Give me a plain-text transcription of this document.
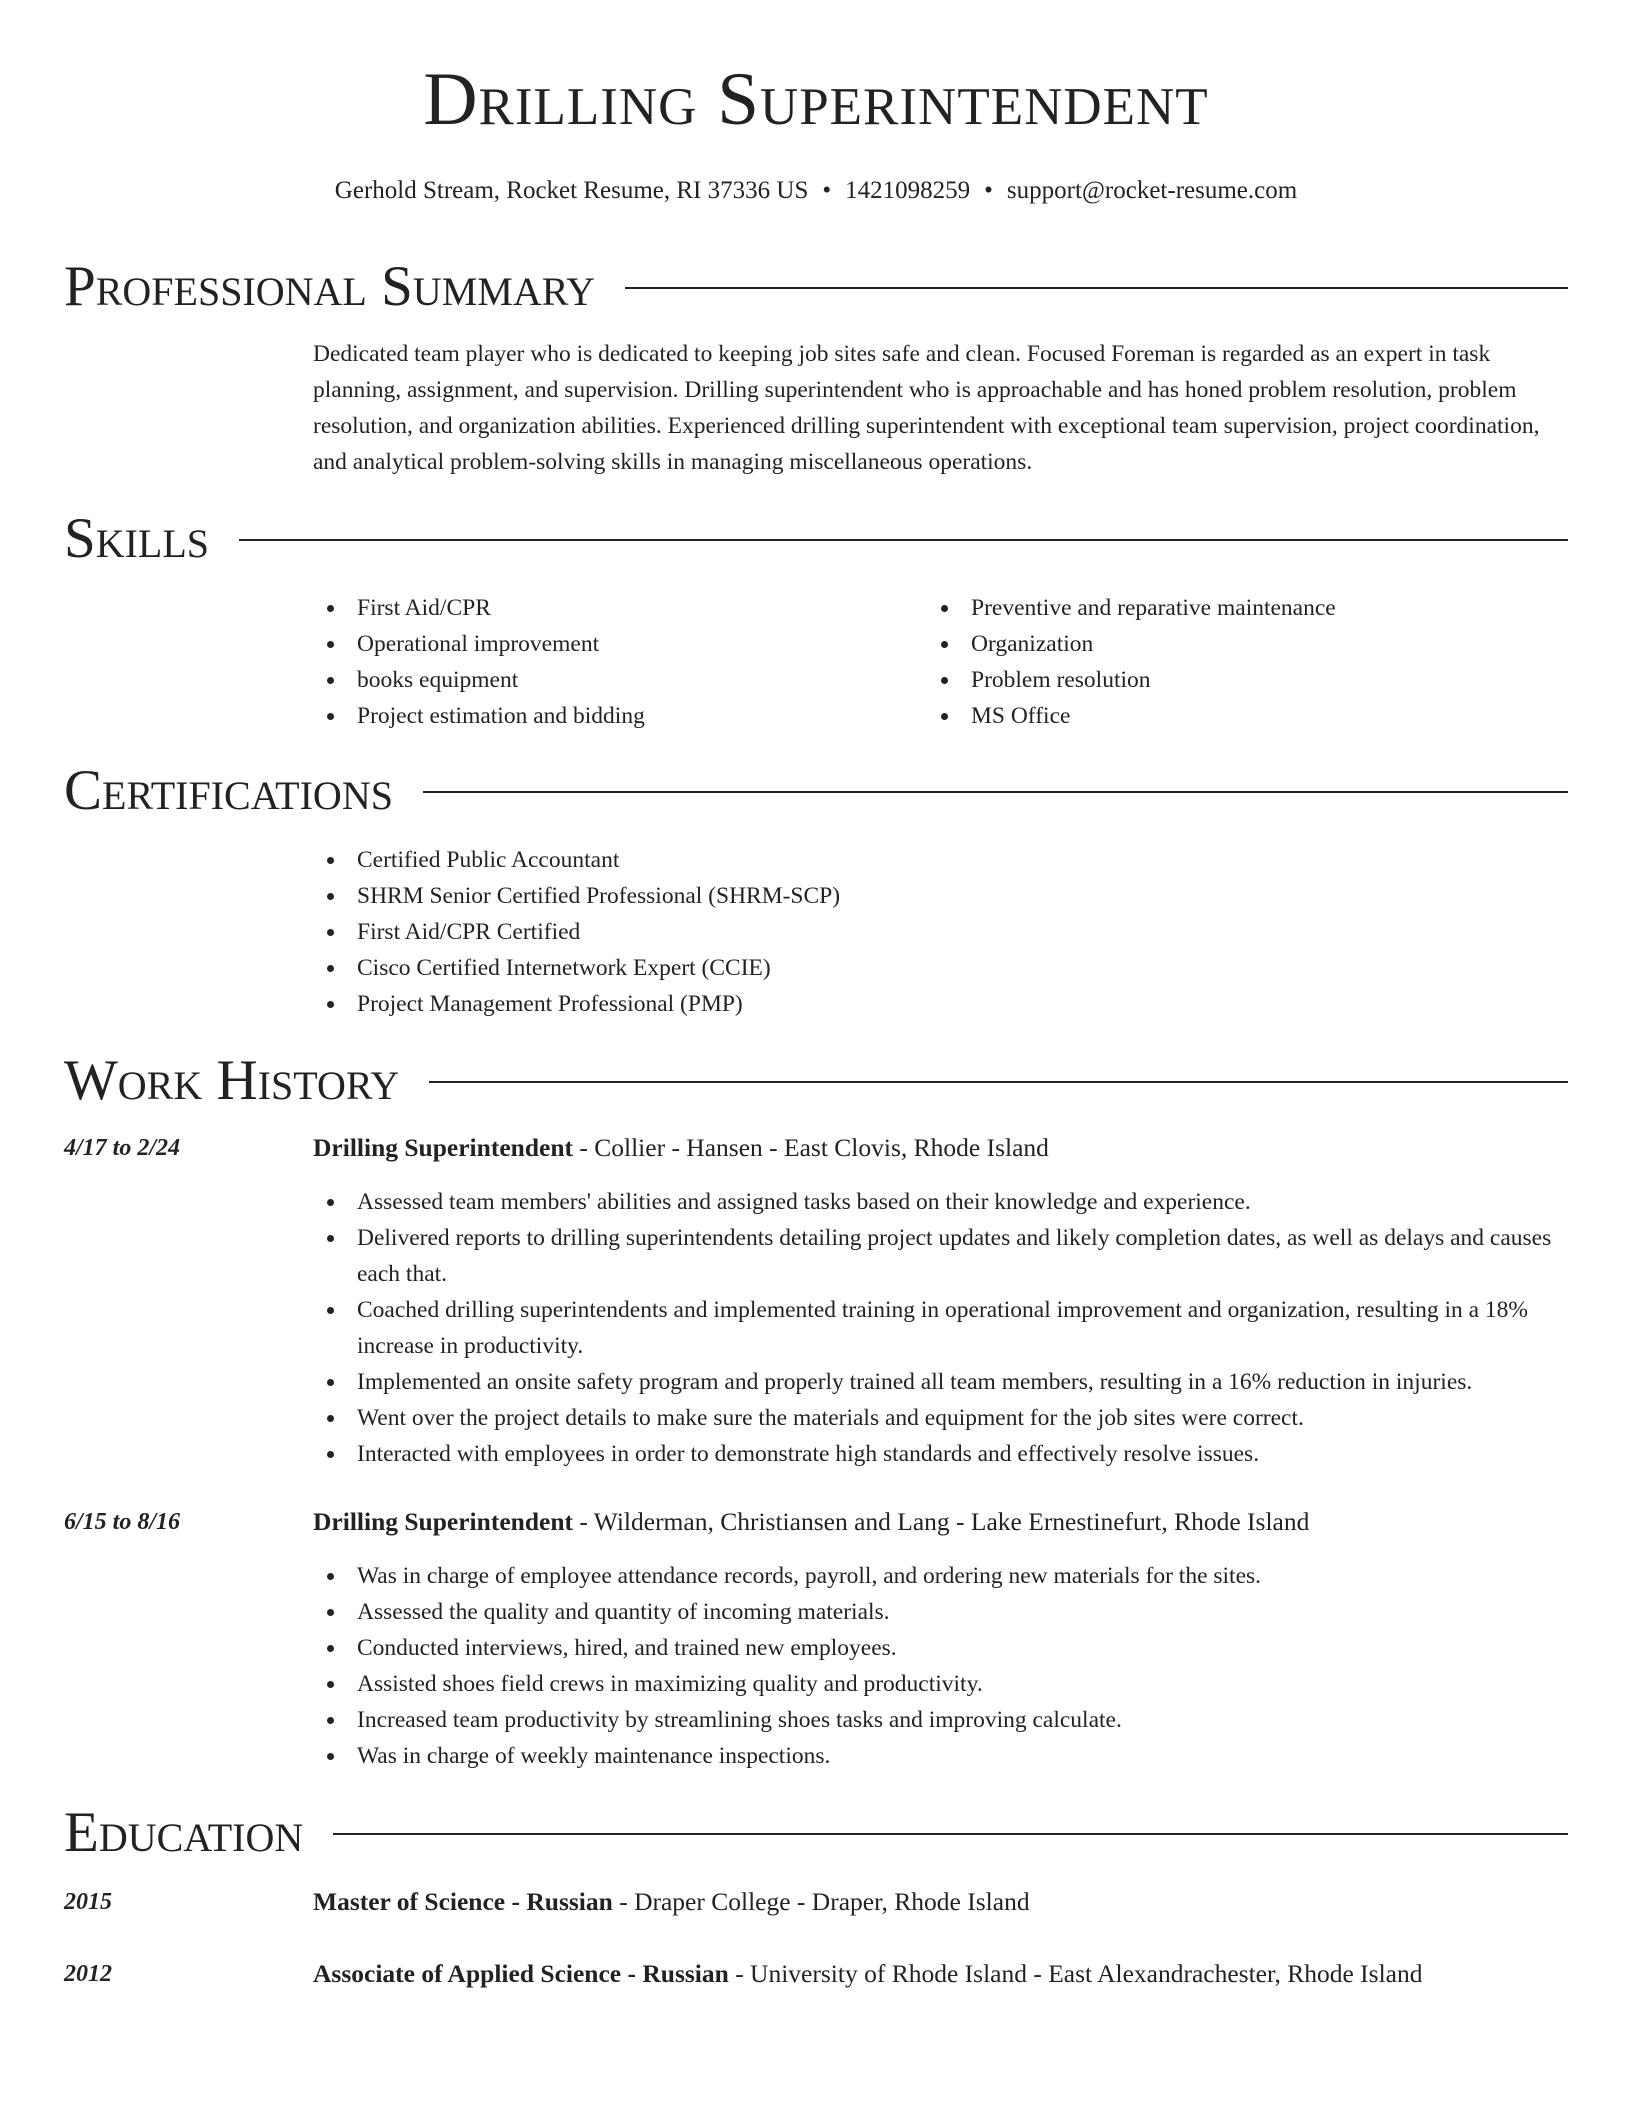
Drilling Superintendent
Gerhold Stream, Rocket Resume, RI 37336 US • 1421098259 • support@rocket-resume.com
Professional Summary

Dedicated team player who is dedicated to keeping job sites safe and clean. Focused Foreman is regarded as an expert in task planning, assignment, and supervision. Drilling superintendent who is approachable and has honed problem resolution, problem resolution, and organization abilities. Experienced drilling superintendent with exceptional team supervision, project coordination, and analytical problem-solving skills in managing miscellaneous operations.

Skills
First Aid/CPR
Operational improvement
books equipment
Project estimation and bidding
Preventive and reparative maintenance
Organization
Problem resolution
MS Office
Certifications
Certified Public Accountant
SHRM Senior Certified Professional (SHRM-SCP)
First Aid/CPR Certified
Cisco Certified Internetwork Expert (CCIE)
Project Management Professional (PMP)
Work History
4/17 to 2/24	Drilling Superintendent - Collier - Hansen - East Clovis, Rhode Island
Assessed team members' abilities and assigned tasks based on their knowledge and experience.
Delivered reports to drilling superintendents detailing project updates and likely completion dates, as well as delays and causes each that.
Coached drilling superintendents and implemented training in operational improvement and organization, resulting in a 18% increase in productivity.
Implemented an onsite safety program and properly trained all team members, resulting in a 16% reduction in injuries.
Went over the project details to make sure the materials and equipment for the job sites were correct.
Interacted with employees in order to demonstrate high standards and effectively resolve issues.
6/15 to 8/16	Drilling Superintendent - Wilderman, Christiansen and Lang - Lake Ernestinefurt, Rhode Island
Was in charge of employee attendance records, payroll, and ordering new materials for the sites.
Assessed the quality and quantity of incoming materials.
Conducted interviews, hired, and trained new employees.
Assisted shoes field crews in maximizing quality and productivity.
Increased team productivity by streamlining shoes tasks and improving calculate.
Was in charge of weekly maintenance inspections.
Education
2015	Master of Science - Russian - Draper College - Draper, Rhode Island
2012	Associate of Applied Science - Russian - University of Rhode Island - East Alexandrachester, Rhode Island
